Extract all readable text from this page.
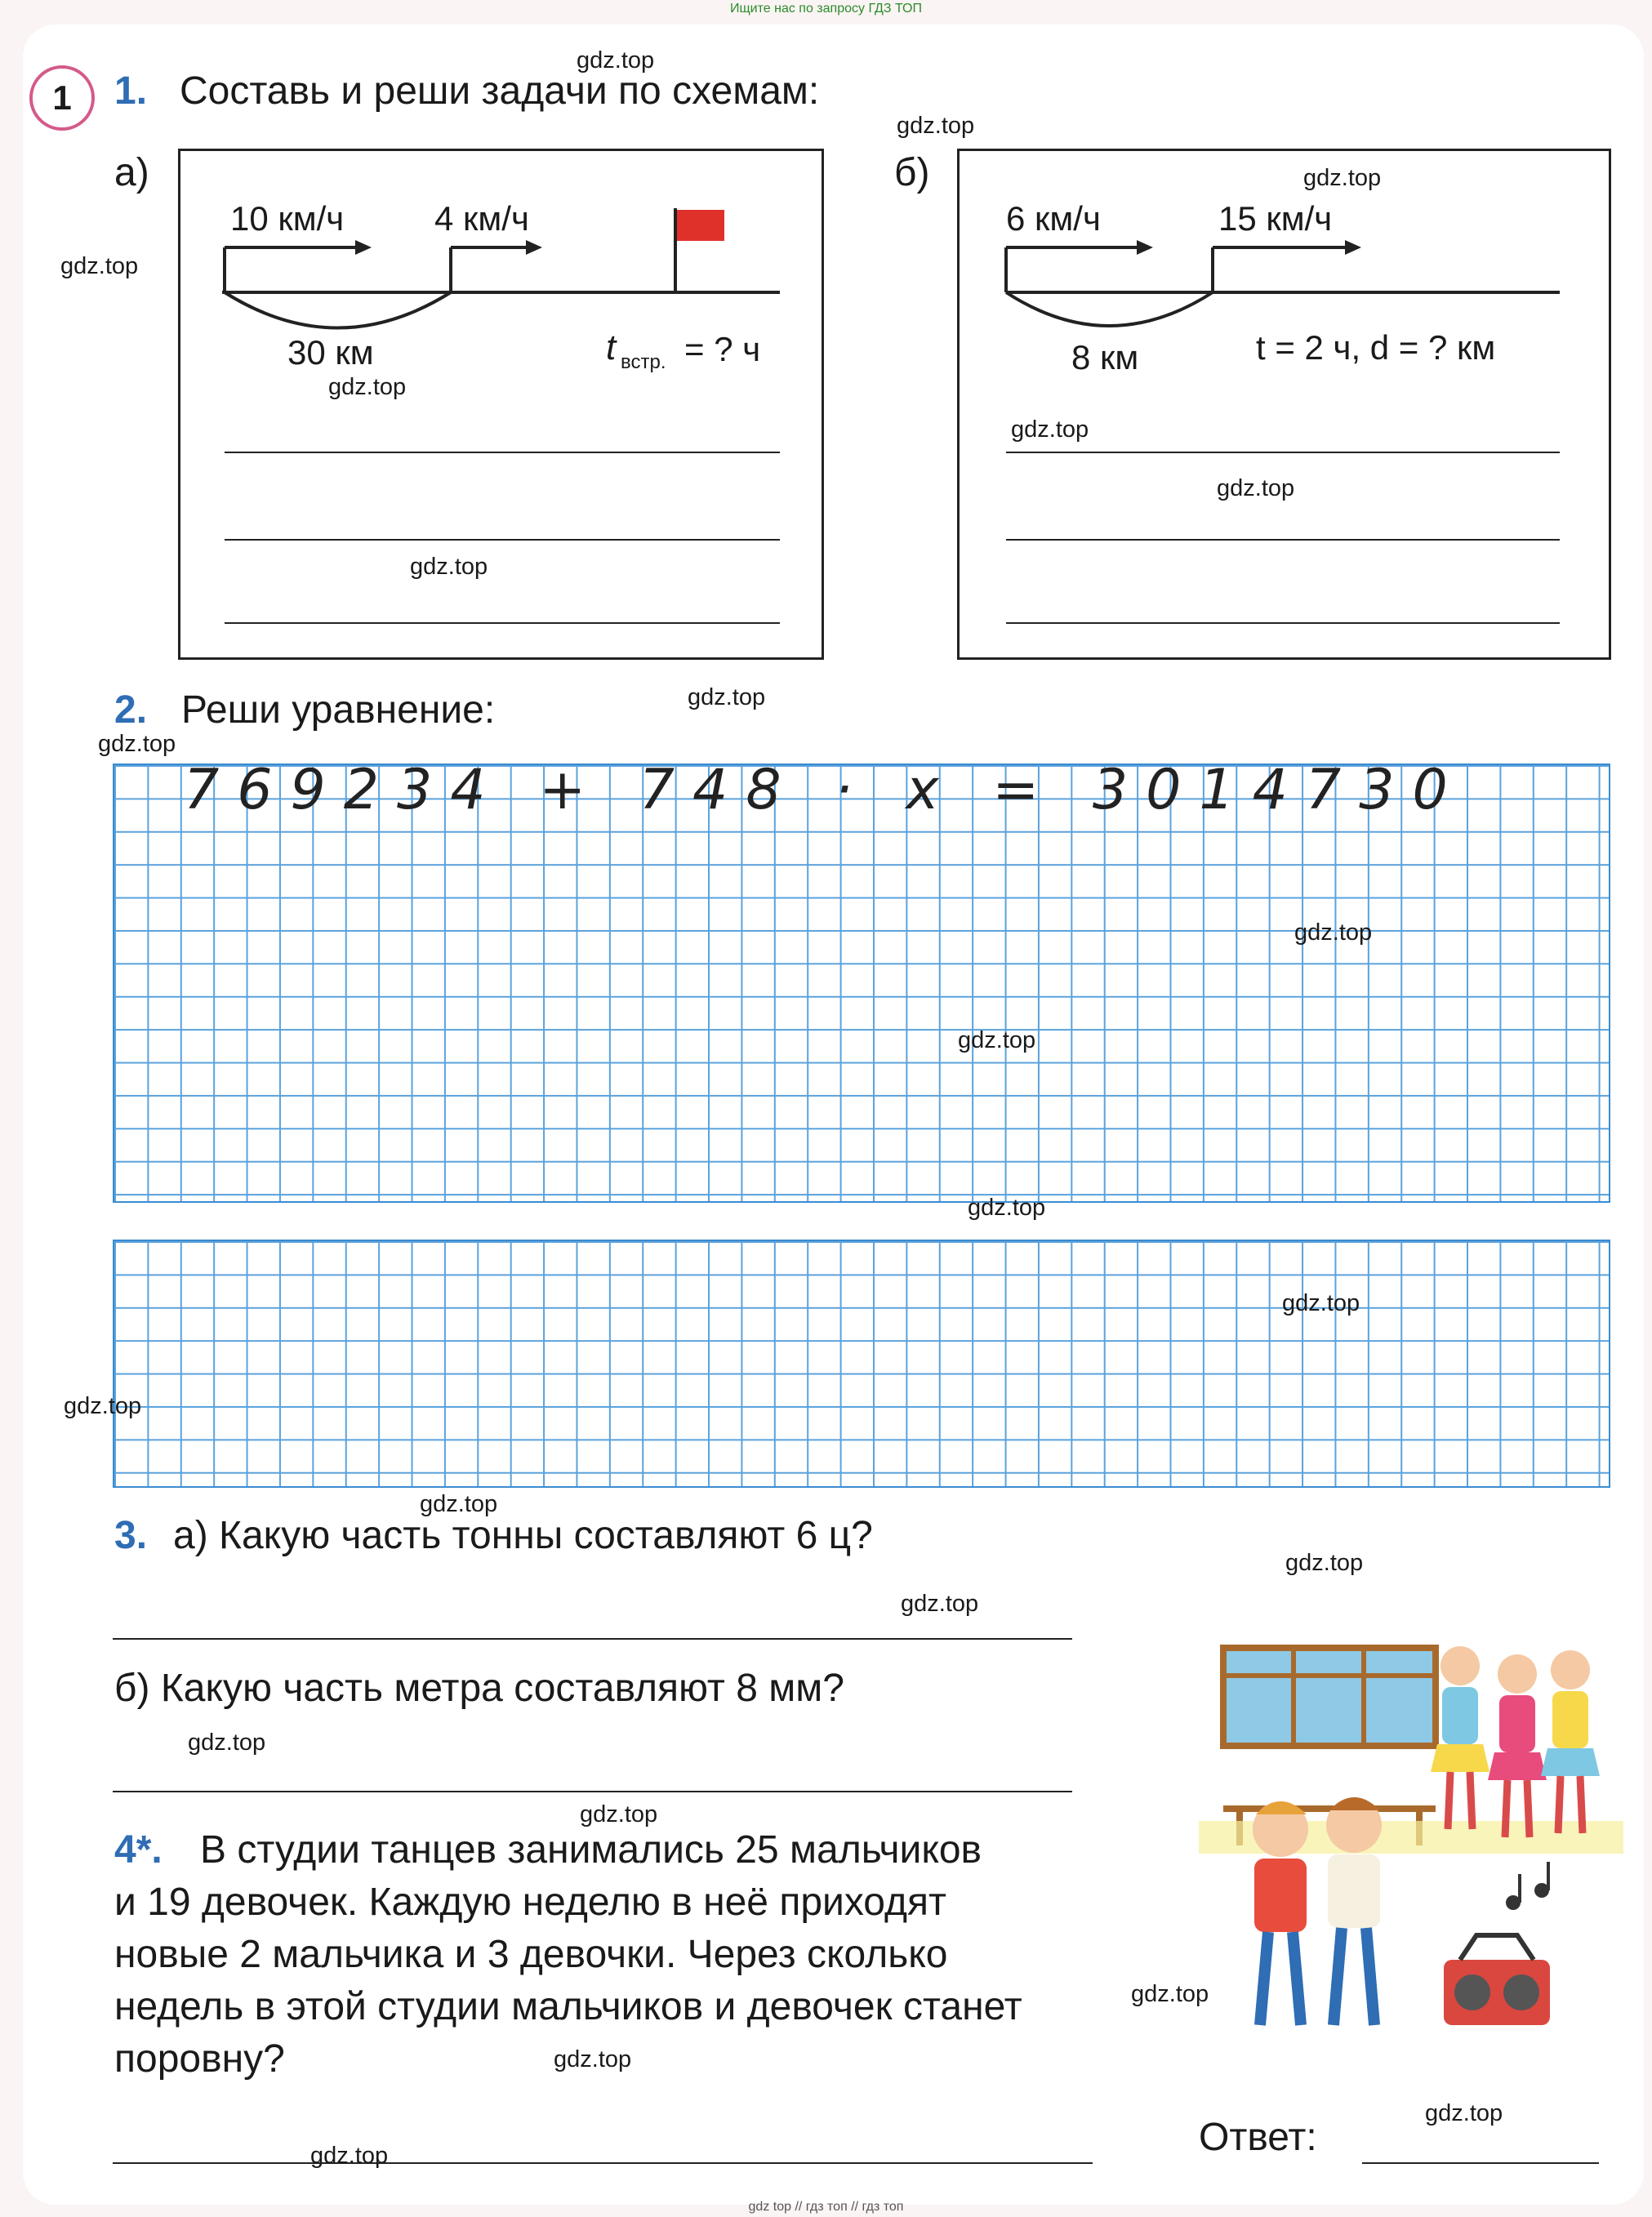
Ищите нас по запросу ГДЗ ТОП
1	1. Составь и реши задачи по схемам:
а)
10 км/ч	4 км/ч
30 км	t встр. = ? ч
б)
6 км/ч	15 км/ч
8 км	t = 2 ч, d = ? км
2. Реши уравнение:
769234 + 748 · x = 3014730
3. а) Какую часть тонны составляют 6 ц?
б) Какую часть метра составляют 8 мм?
4*. В студии танцев занимались 25 мальчиков
и 19 девочек. Каждую неделю в неё приходят
новые 2 мальчика и 3 девочки. Через сколько
недель в этой студии мальчиков и девочек станет
поровну?
Ответ:
gdz.top
gdz.top
gdz.top
gdz.top
gdz.top
gdz.top
gdz.top
gdz.top
gdz.top
gdz.top
gdz.top
gdz.top
gdz.top
gdz.top
gdz.top
gdz.top
gdz.top
gdz.top
gdz.top
gdz.top
gdz.top
gdz.top
gdz.top
gdz.top
gdz top // гдз топ // гдз топ
